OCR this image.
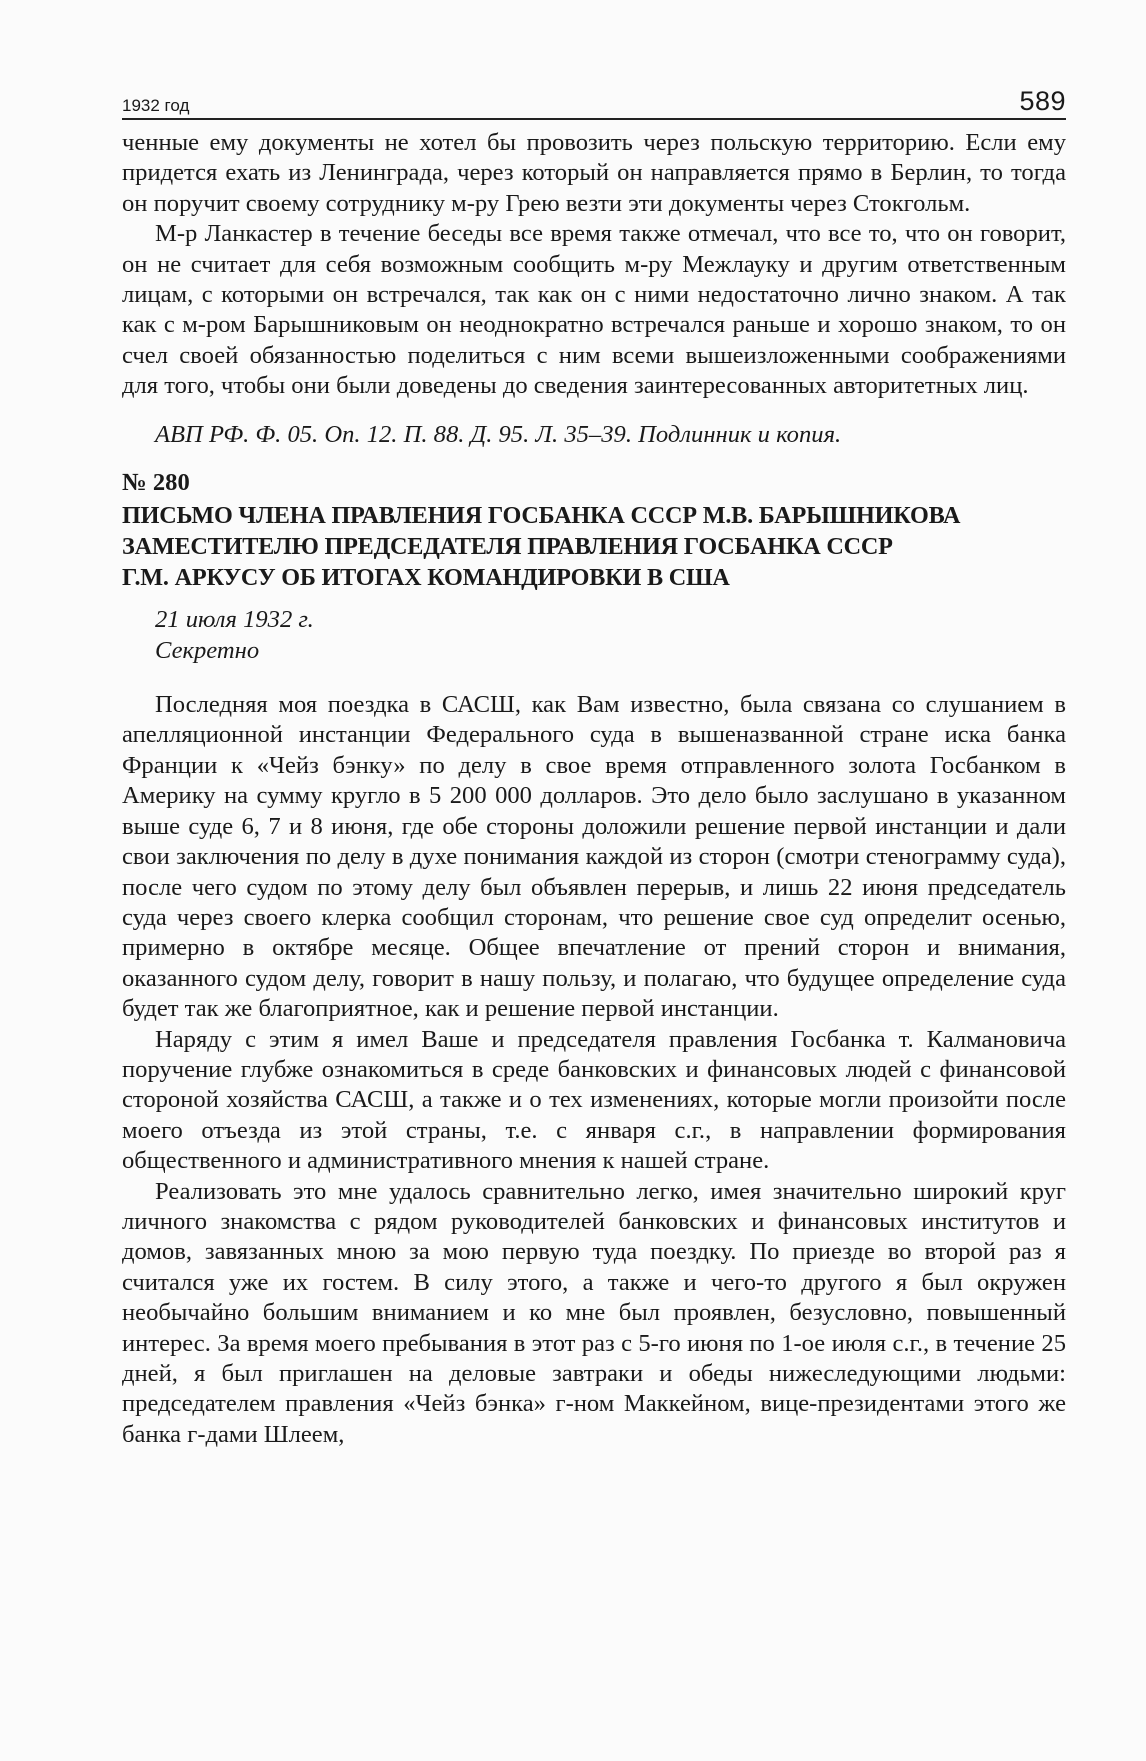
1932 год	589

ченные ему документы не хотел бы провозить через польскую территорию. Если ему придется ехать из Ленинграда, через который он направляется прямо в Берлин, то тогда он поручит своему сотруднику м-ру Грею везти эти документы через Стокгольм.

М-р Ланкастер в течение беседы все время также отмечал, что все то, что он говорит, он не считает для себя возможным сообщить м-ру Межлауку и другим ответственным лицам, с которыми он встречался, так как он с ними недостаточно лично знаком. А так как с м-ром Барышниковым он неоднократно встречался раньше и хорошо знаком, то он счел своей обязанностью поделиться с ним всеми вышеизложенными соображениями для того, чтобы они были доведены до сведения заинтересованных авторитетных лиц.

АВП РФ. Ф. 05. Оп. 12. П. 88. Д. 95. Л. 35–39. Подлинник и копия.

№ 280
ПИСЬМО ЧЛЕНА ПРАВЛЕНИЯ ГОСБАНКА СССР М.В. БАРЫШНИКОВА
ЗАМЕСТИТЕЛЮ ПРЕДСЕДАТЕЛЯ ПРАВЛЕНИЯ ГОСБАНКА СССР
Г.М. АРКУСУ ОБ ИТОГАХ КОМАНДИРОВКИ В США
21 июля 1932 г.
Секретно

Последняя моя поездка в САСШ, как Вам известно, была связана со слушанием в апелляционной инстанции Федерального суда в вышеназванной стране иска банка Франции к «Чейз бэнку» по делу в свое время отправленного золота Госбанком в Америку на сумму кругло в 5 200 000 долларов. Это дело было заслушано в указанном выше суде 6, 7 и 8 июня, где обе стороны доложили решение первой инстанции и дали свои заключения по делу в духе понимания каждой из сторон (смотри стенограмму суда), после чего судом по этому делу был объявлен перерыв, и лишь 22 июня председатель суда через своего клерка сообщил сторонам, что решение свое суд определит осенью, примерно в октябре месяце. Общее впечатление от прений сторон и внимания, оказанного судом делу, говорит в нашу пользу, и полагаю, что будущее определение суда будет так же благоприятное, как и решение первой инстанции.

Наряду с этим я имел Ваше и председателя правления Госбанка т. Калмановича поручение глубже ознакомиться в среде банковских и финансовых людей с финансовой стороной хозяйства САСШ, а также и о тех изменениях, которые могли произойти после моего отъезда из этой страны, т.е. с января с.г., в направлении формирования общественного и административного мнения к нашей стране.

Реализовать это мне удалось сравнительно легко, имея значительно широкий круг личного знакомства с рядом руководителей банковских и финансовых институтов и домов, завязанных мною за мою первую туда поездку. По приезде во второй раз я считался уже их гостем. В силу этого, а также и чего-то другого я был окружен необычайно большим вниманием и ко мне был проявлен, безусловно, повышенный интерес. За время моего пребывания в этот раз с 5-го июня по 1-ое июля с.г., в течение 25 дней, я был приглашен на деловые завтраки и обеды нижеследующими людьми: председателем правления «Чейз бэнка» г-ном Маккейном, вице-президентами этого же банка г-дами Шлеем,
